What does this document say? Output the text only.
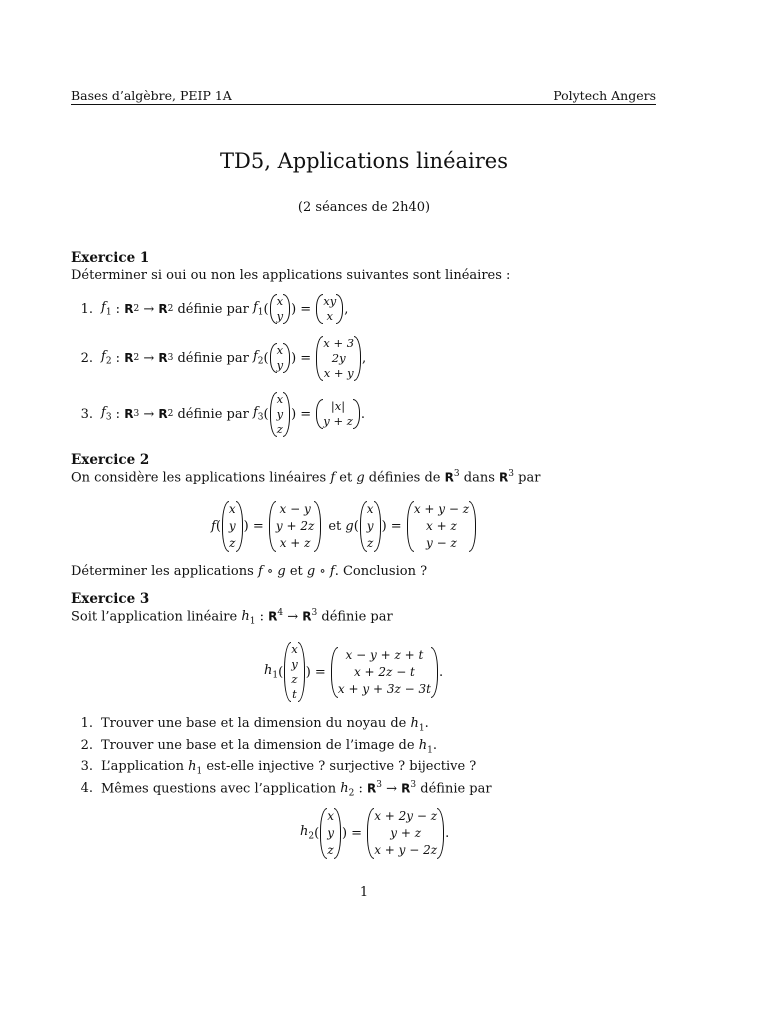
Bases d’algèbre, PEIP 1A	Polytech Angers
TD5, Applications linéaires
(2 séances de 2h40)
Exercice 1
Déterminer si oui ou non les applications suivantes sont linéaires :
1. $f_1$ : R 2 → R 2 définie par $f_1$ (
x
y ) =
xy
x ,
2. $f_2$ : R 2 → R 3 définie par $f_2$ (
x
y ) =
x + 3
2y
x + y
,
3. $f_3$ : R 3 → R 2 définie par $f_3$ (
x
y
z
) =
|x|
y + z .
Exercice 2
On considère les applications linéaires f et g définies de $R^3$ dans $R^3$ par
f (
x
y
z
) =
x − y
y + 2z
x + z
et
g (
x
y
z
) =
x + y − z
x + z
y − z
Déterminer les applications f ∘ g et g ∘ f. Conclusion ?
Exercice 3
Soit l’application linéaire $h_1$ : $R^4 \to R^3$ définie par
$h_1$ (
x
y
z
t
) =
x − y + z + t
x + 2z − t
x + y + 3z − 3t
.
1. Trouver une base et la dimension du noyau de $h_1$.
2. Trouver une base et la dimension de l’image de $h_1$.
3. L’application $h_1$ est-elle injective ? surjective ? bijective ?
4. Mêmes questions avec l’application $h_2$ : $R^3 \to R^3$ définie par
$h_2$ (
x
y
z
) =
x + 2y − z
y + z
x + y − 2z
.
1
